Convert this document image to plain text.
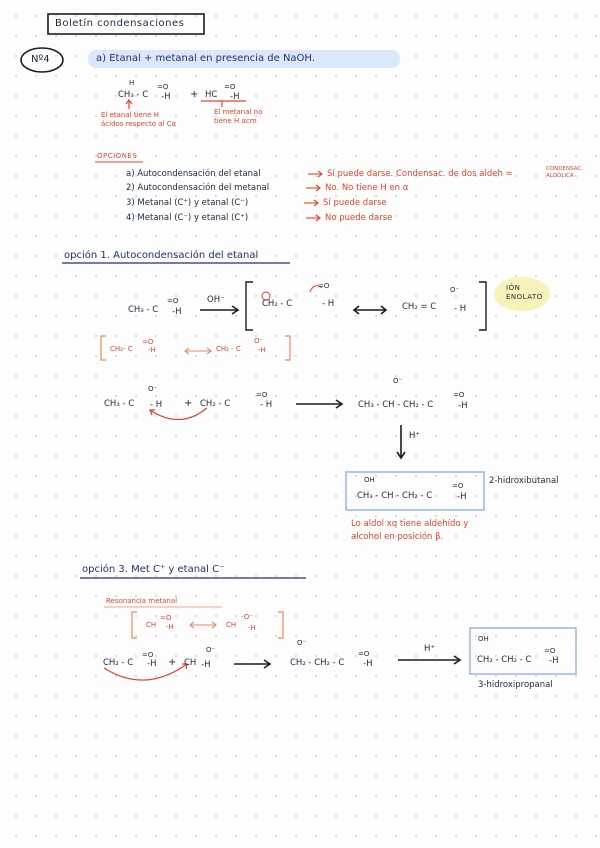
Boletín condensaciones
Nº4	a) Etanal + metanal en presencia de NaOH.
H
CH₃ - C
=O
-H + HC
=O
-H
El etanal tiene H
ácidos respecto al Cα
El metanal no
tiene H αcm
OPCIONES
a) Autocondensación del etanal	Sí puede darse. Condensac. de dos aldeh =	CONDENSAC.
ALDÓLICA
2) Autocondensación del metanal	No. No tiene H en α
3) Metanal (C⁺) y etanal (C⁻)	Sí puede darse
4) Metanal (C⁻) y etanal (C⁺)	No puede darse
opción 1. Autocondensación del etanal
CH₃ - C
=O
-H
OH⁻	CH₂ - C
=O
- H	CH₂ = C
O⁻
- H
IÓN
ENOLATO
CH₂- C
=O
-H	CH₂ - C
O⁻
-H
CH₃ - C
O⁻
- H + CH₂ - C
=O
- H
O⁻
CH₃ - CH - CH₂ - C
=O
-H
H⁺
OH
CH₃ - CH - CH₂ - C
=O
-H
2-hidroxibutanal
Lo aldol xq tiene aldehído y
alcohol en posición β.
opción 3. Met C⁺ y etanal C⁻
Resonancia metanal
CH
=O
-H	CH
-O⁻
-H
CH₂ - C
=O
-H + CH
O⁻
-H
O⁻
CH₂ - CH₂ - C
=O
-H
H⁺
OH
CH₂ - CH₂ - C
=O
-H
3-hidroxipropanal
